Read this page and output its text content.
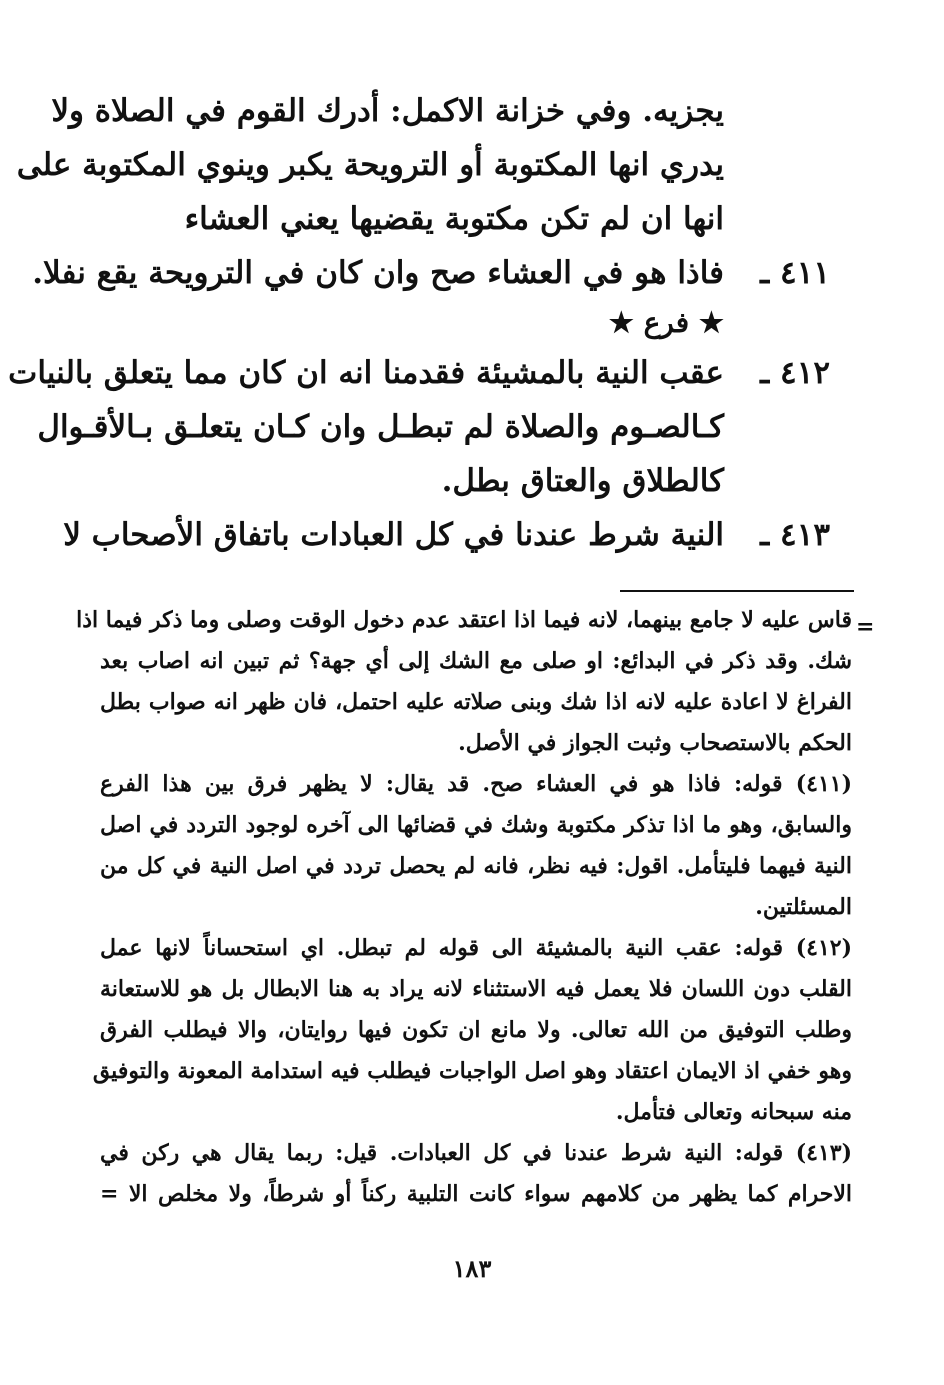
يجزيه. وفي خزانة الاكمل: أدرك القوم في الصلاة ولا
يدري انها المكتوبة أو الترويحة يكبر وينوي المكتوبة على
انها ان لم تكن مكتوبة يقضيها يعني العشاء
٤١١ ـ
فاذا هو في العشاء صح وان كان في الترويحة يقع نفلا.
★ فرع ★
٤١٢ ـ
عقب النية بالمشيئة فقدمنا انه ان كان مما يتعلق بالنيات
كـالصـوم والصلاة لم تبطـل وان كـان يتعلـق بـالأقـوال
كالطلاق والعتاق بطل.
٤١٣ ـ
النية شرط عندنا في كل العبادات باتفاق الأصحاب لا
=
قاس عليه لا جامع بينهما، لانه فيما اذا اعتقد عدم دخول الوقت وصلى وما ذكر فيما اذا
شك. وقد ذكر في البدائع: او صلى مع الشك إلى أي جهة؟ ثم تبين انه اصاب بعد
الفراغ لا اعادة عليه لانه اذا شك وبنى صلاته عليه احتمل، فان ظهر انه صواب بطل
الحكم بالاستصحاب وثبت الجواز في الأصل.
(٤١١) قوله: فاذا هو في العشاء صح. قد يقال: لا يظهر فرق بين هذا الفرع
والسابق، وهو ما اذا تذكر مكتوبة وشك في قضائها الى آخره لوجود التردد في اصل
النية فيهما فليتأمل. اقول: فيه نظر، فانه لم يحصل تردد في اصل النية في كل من
المسئلتين.
(٤١٢) قوله: عقب النية بالمشيئة الى قوله لم تبطل. اي استحساناً لانها عمل
القلب دون اللسان فلا يعمل فيه الاستثناء لانه يراد به هنا الابطال بل هو للاستعانة
وطلب التوفيق من الله تعالى. ولا مانع ان تكون فيها روايتان، والا فيطلب الفرق
وهو خفي اذ الايمان اعتقاد وهو اصل الواجبات فيطلب فيه استدامة المعونة والتوفيق
منه سبحانه وتعالى فتأمل.
(٤١٣) قوله: النية شرط عندنا في كل العبادات. قيل: ربما يقال هي ركن في
الاحرام كما يظهر من كلامهم سواء كانت التلبية ركناً أو شرطاً، ولا مخلص الا =
١٨٣
